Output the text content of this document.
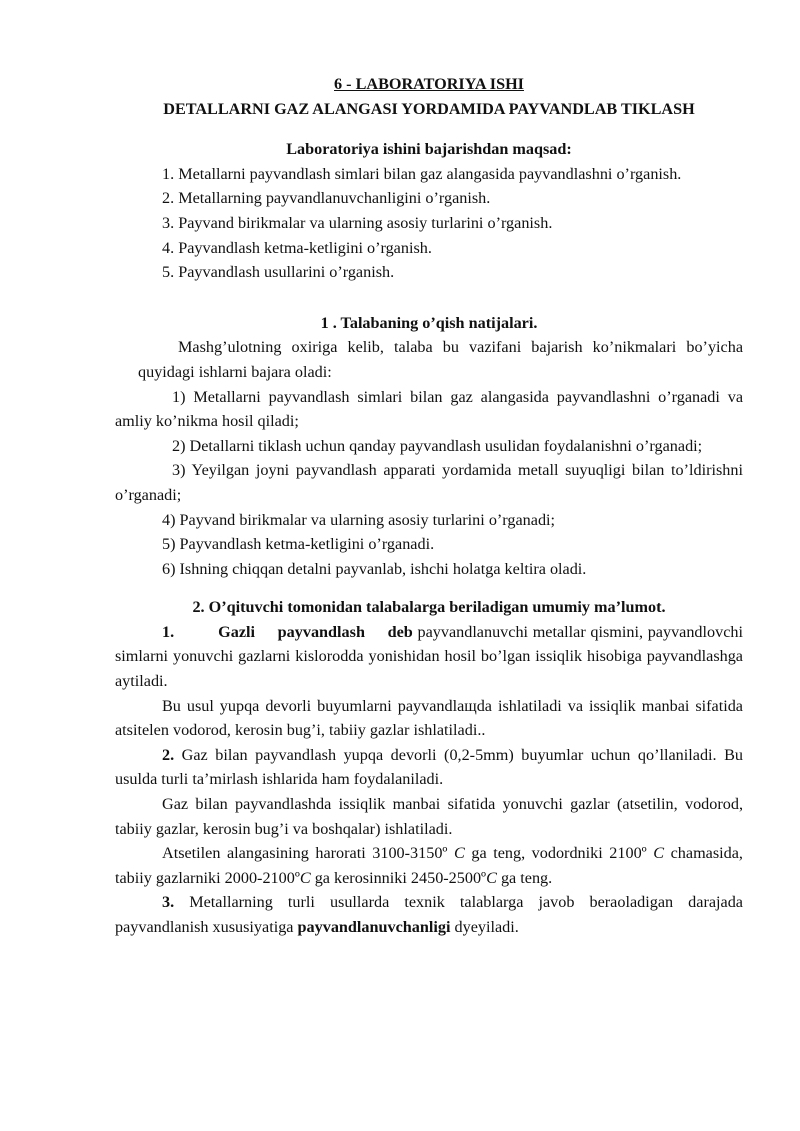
6 - LABORATORIYA ISHI

DETALLARNI GAZ ALANGASI YORDAMIDA PAYVANDLAB TIKLASH

Laboratoriya ishini bajarishdan maqsad:

1. Metallarni payvandlash simlari bilan gaz alangasida payvandlashni o’rganish.

2. Metallarning payvandlanuvchanligini o’rganish.

3. Payvand birikmalar va ularning asosiy turlarini o’rganish.

4. Payvandlash ketma-ketligini o’rganish.

5. Payvandlash usullarini o’rganish.

1 . Talabaning o’qish natijalari.

Mashg’ulotning oxiriga kelib, talaba bu vazifani bajarish ko’nikmalari bo’yicha quyidagi ishlarni bajara oladi:

1) Metallarni payvandlash simlari bilan gaz alangasida payvandlashni o’rganadi va amliy ko’nikma hosil qiladi;

2) Detallarni tiklash uchun qanday payvandlash usulidan foydalanishni o’rganadi;

3) Yeyilgan joyni payvandlash apparati yordamida metall suyuqligi bilan to’ldirishni o’rganadi;

4) Payvand birikmalar va ularning asosiy turlarini o’rganadi;

5) Payvandlash ketma-ketligini o’rganadi.

6) Ishning chiqqan detalni payvanlab, ishchi holatga keltira oladi.

2. O’qituvchi tomonidan talabalarga beriladigan umumiy ma’lumot.

1.	Gazli payvandlash deb payvandlanuvchi metallar qismini, payvandlovchi simlarni yonuvchi gazlarni kislorodda yonishidan hosil bo’lgan issiqlik hisobiga payvandlashga aytiladi.

Bu usul yupqa devorli buyumlarni payvandlaщda ishlatiladi va issiqlik manbai sifatida atsitelen vodorod, kerosin bug’i, tabiiy gazlar ishlatiladi..

2. Gaz bilan payvandlash yupqa devorli (0,2-5mm) buyumlar uchun qo’llaniladi. Bu usulda turli ta’mirlash ishlarida ham foydalaniladi.

Gaz bilan payvandlashda issiqlik manbai sifatida yonuvchi gazlar (atsetilin, vodorod, tabiiy gazlar, kerosin bug’i va boshqalar) ishlatiladi.

Atsetilen alangasining harorati 3100-3150º C ga teng, vodordniki 2100º C chamasida, tabiiy gazlarniki 2000-2100ºC ga kerosinniki 2450-2500ºC ga teng.

3. Metallarning turli usullarda texnik talablarga javob beraoladigan darajada payvandlanish xususiyatiga payvandlanuvchanligi dyeyiladi.
